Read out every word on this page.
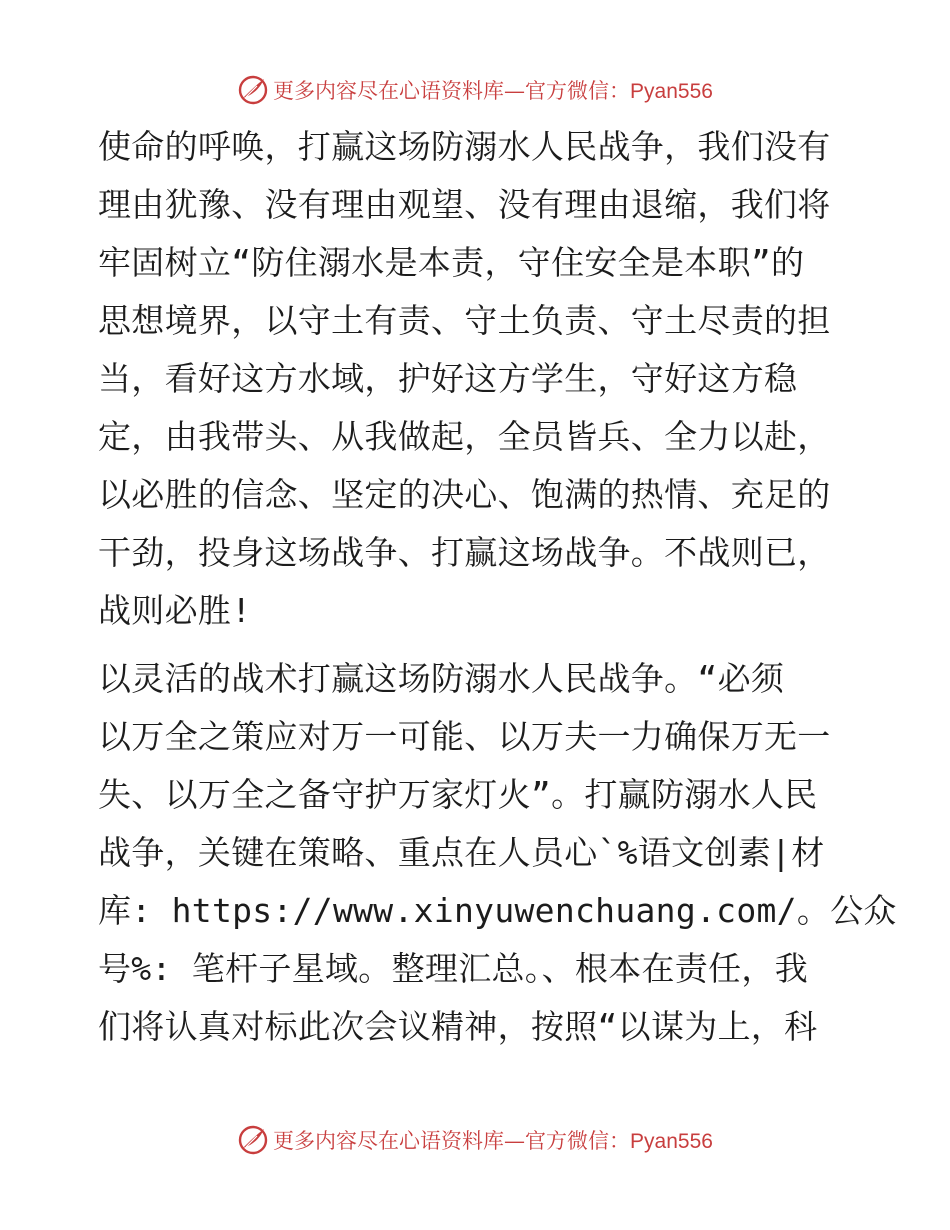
更多内容尽在心语资料库— 官方微信：Pyan556

使命的呼唤，打赢这场防溺水人民战争，我们没有
理由犹豫、没有理由观望、没有理由退缩，我们将
牢固树立“防住溺水是本责，守住安全是本职”的
思想境界，以守土有责、守土负责、守土尽责的担
当，看好这方水域，护好这方学生，守好这方稳
定，由我带头、从我做起，全员皆兵、全力以赴，
以必胜的信念、坚定的决心、饱满的热情、充足的
干劲，投身这场战争、打赢这场战争。不战则已，
战则必胜!

以灵活的战术打赢这场防溺水人民战争。“必须
以万全之策应对万一可能、以万夫一力确保万无一
失、以万全之备守护万家灯火”。打赢防溺水人民
战争，关键在策略、重点在人员心`%语文创素|材
库: https://www.xinyuwenchuang.com/。公众
号%: 笔杆子星域。整理汇总。、根本在责任，我
们将认真对标此次会议精神，按照“以谋为上，科

更多内容尽在心语资料库— 官方微信：Pyan556
